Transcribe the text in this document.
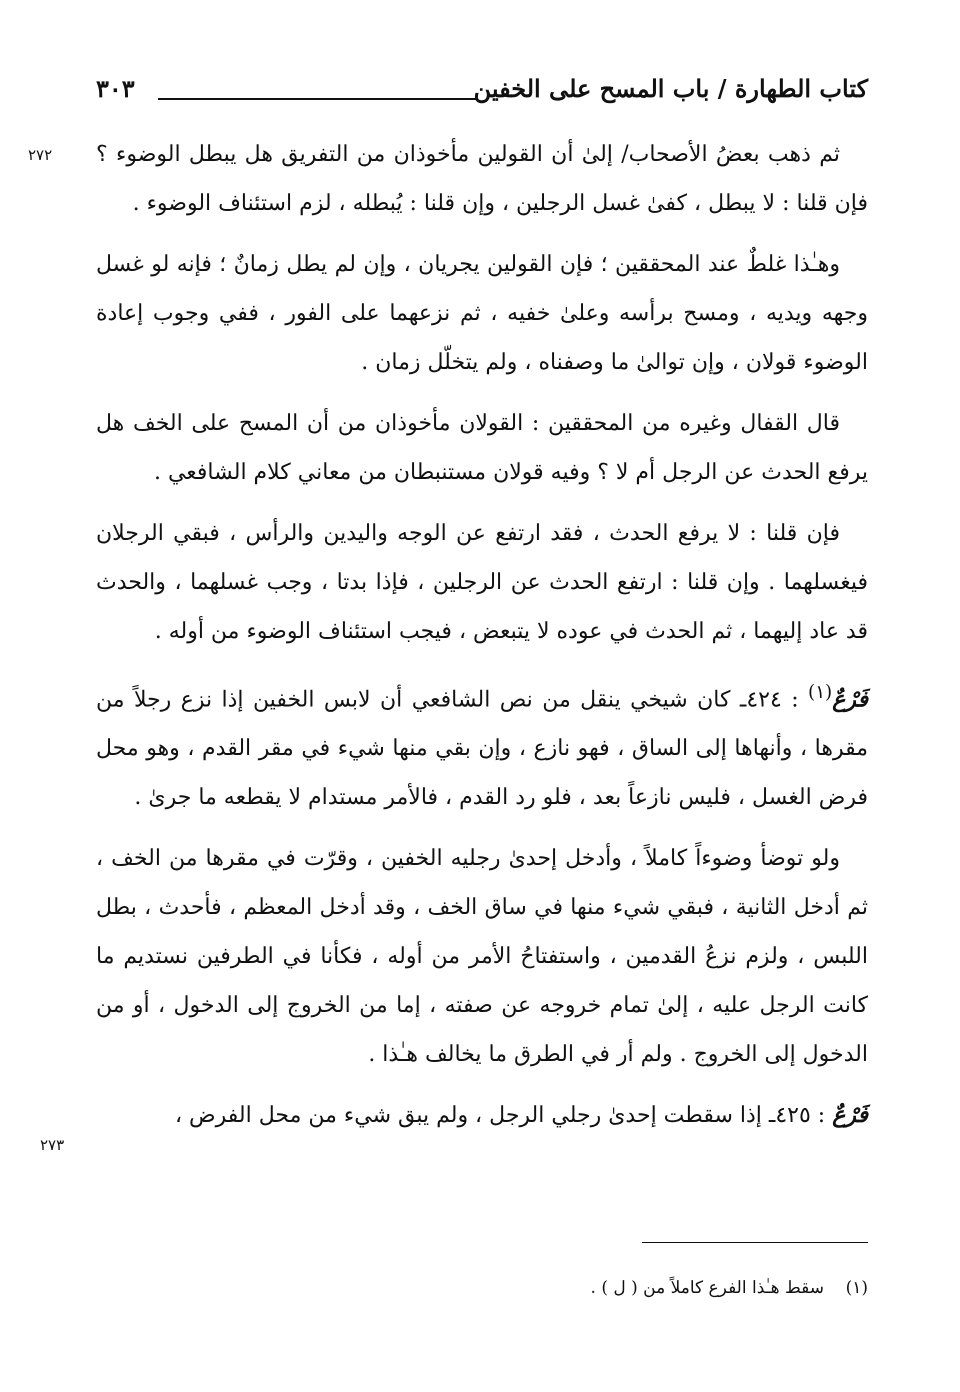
كتاب الطهارة / باب المسح على الخفين
٣٠٣
٢٧٢
٢٧٣

ثم ذهب بعضُ الأصحاب/ إلىٰ أن القولين مأخوذان من التفريق هل يبطل الوضوء ؟ فإن قلنا : لا يبطل ، كفىٰ غسل الرجلين ، وإن قلنا : يُبطله ، لزم استئناف الوضوء .

وهـٰذا غلطٌ عند المحققين ؛ فإن القولين يجريان ، وإن لم يطل زمانٌ ؛ فإنه لو غسل وجهه ويديه ، ومسح برأسه وعلىٰ خفيه ، ثم نزعهما على الفور ، ففي وجوب إعادة الوضوء قولان ، وإن توالىٰ ما وصفناه ، ولم يتخلّل زمان .

قال القفال وغيره من المحققين : القولان مأخوذان من أن المسح على الخف هل يرفع الحدث عن الرجل أم لا ؟ وفيه قولان مستنبطان من معاني كلام الشافعي .

فإن قلنا : لا يرفع الحدث ، فقد ارتفع عن الوجه واليدين والرأس ، فبقي الرجلان فيغسلهما . وإن قلنا : ارتفع الحدث عن الرجلين ، فإذا بدتا ، وجب غسلهما ، والحدث قد عاد إليهما ، ثم الحدث في عوده لا يتبعض ، فيجب استئناف الوضوء من أوله .

فَرْعٌ$^{(١)}$ : ٤٢٤ـ كان شيخي ينقل من نص الشافعي أن لابس الخفين إذا نزع رجلاً من مقرها ، وأنهاها إلى الساق ، فهو نازع ، وإن بقي منها شيء في مقر القدم ، وهو محل فرض الغسل ، فليس نازعاً بعد ، فلو رد القدم ، فالأمر مستدام لا يقطعه ما جرىٰ .

ولو توضأ وضوءاً كاملاً ، وأدخل إحدىٰ رجليه الخفين ، وقرّت في مقرها من الخف ، ثم أدخل الثانية ، فبقي شيء منها في ساق الخف ، وقد أدخل المعظم ، فأحدث ، بطل اللبس ، ولزم نزعُ القدمين ، واستفتاحُ الأمر من أوله ، فكأنا في الطرفين نستديم ما كانت الرجل عليه ، إلىٰ تمام خروجه عن صفته ، إما من الخروج إلى الدخول ، أو من الدخول إلى الخروج . ولم أر في الطرق ما يخالف هـٰذا .

فَرْعٌ : ٤٢٥ـ إذا سقطت إحدىٰ رجلي الرجل ، ولم يبق شيء من محل الفرض ،

(١)    سقط هـٰذا الفرع كاملاً من ( ل ) .
